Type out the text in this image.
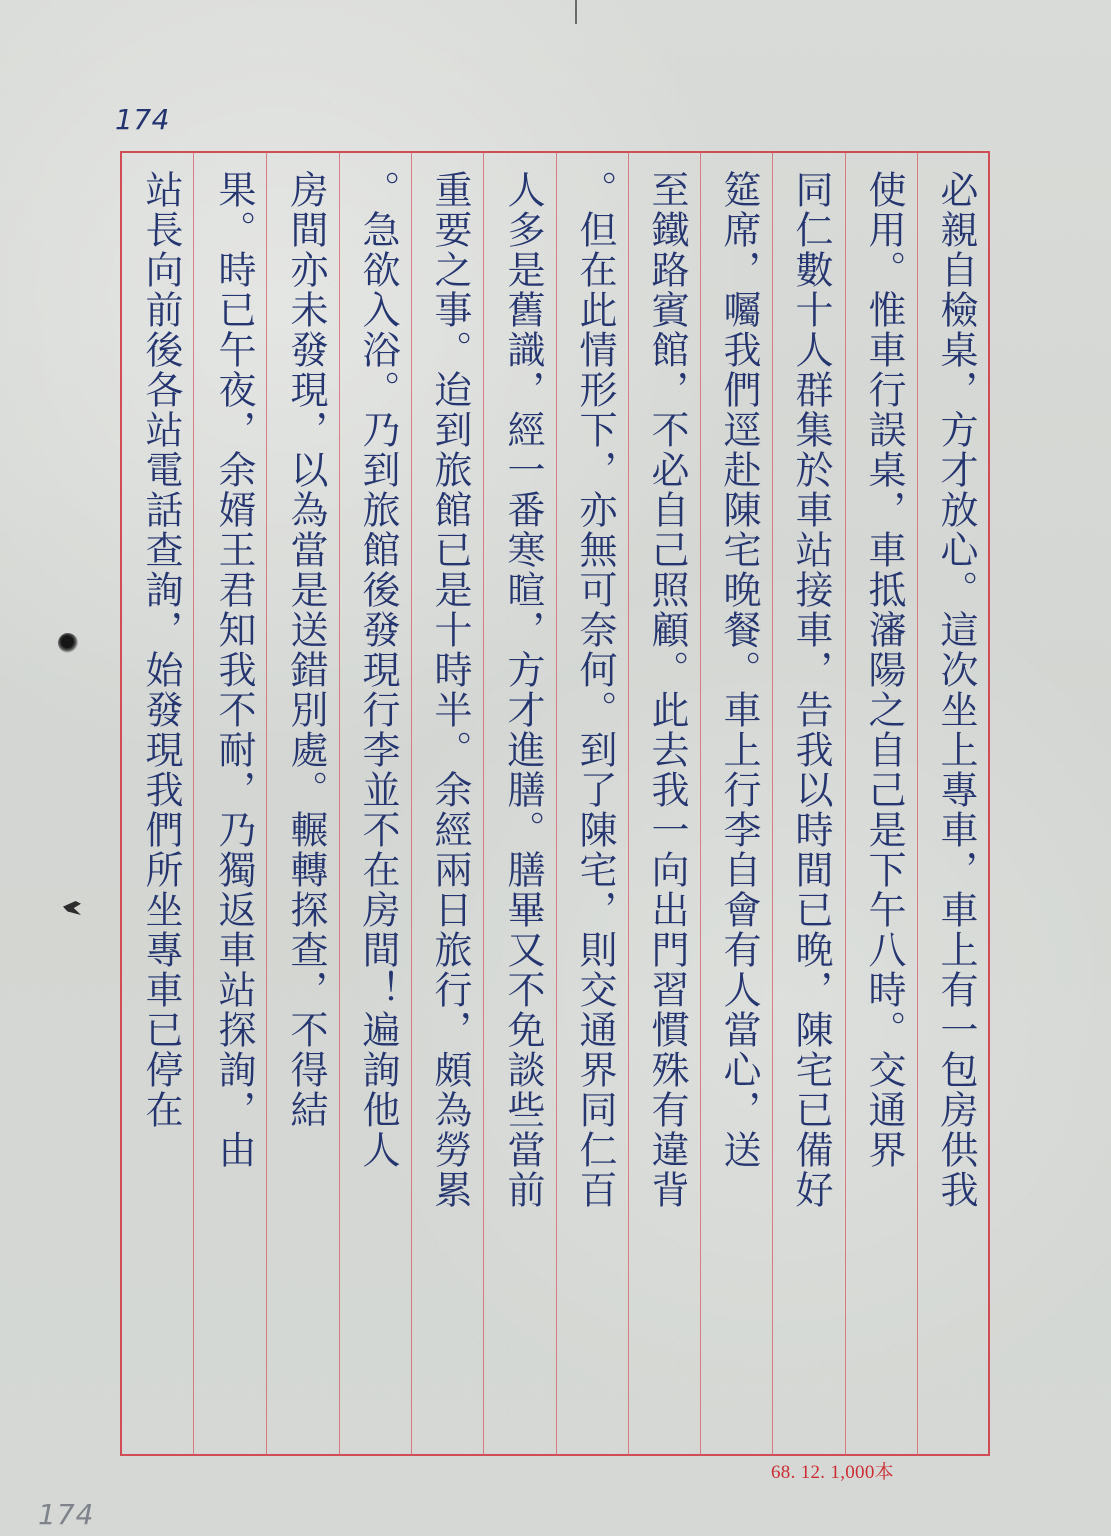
174
必親自檢桌，方才放心。這次坐上專車，車上有一包房供我
使用。惟車行誤桌，車抵瀋陽之自己是下午八時。交通界
同仁數十人群集於車站接車，告我以時間已晚，陳宅已備好
筵席，囑我們逕赴陳宅晚餐。車上行李自會有人當心，送
至鐵路賓館，不必自己照顧。此去我一向出門習慣殊有違背
。但在此情形下，亦無可奈何。到了陳宅，則交通界同仁百
人多是舊識，經一番寒暄，方才進膳。膳畢又不免談些當前
重要之事。迨到旅館已是十時半。余經兩日旅行，頗為勞累
。急欲入浴。乃到旅館後發現行李並不在房間！遍詢他人
房間亦未發現，以為當是送錯別處。輾轉探查，不得結
果。時已午夜，余婿王君知我不耐，乃獨返車站探詢，由
站長向前後各站電話查詢，始發現我們所坐專車已停在
68. 12. 1,000本
174
